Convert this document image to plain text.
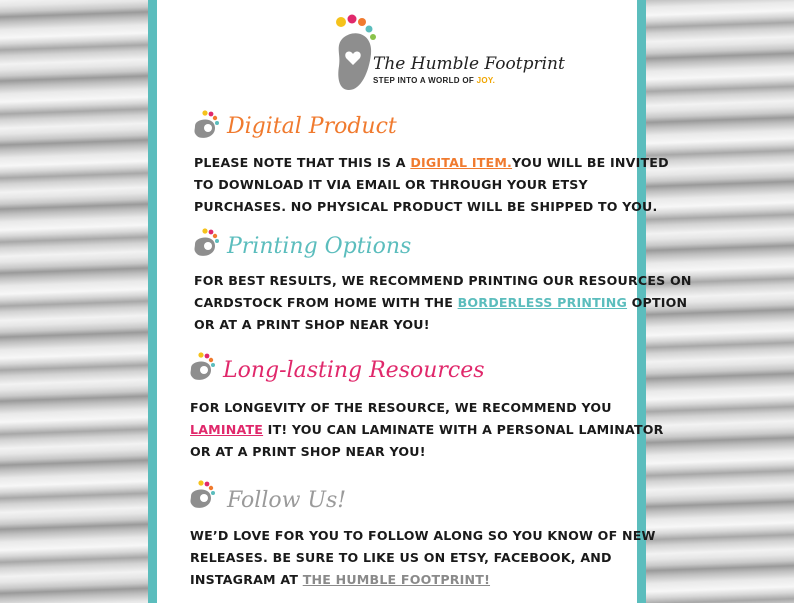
The Humble Footprint
STEP INTO A WORLD OF JOY.
Digital Product
PLEASE NOTE THAT THIS IS A DIGITAL ITEM.YOU WILL BE INVITED
TO DOWNLOAD IT VIA EMAIL OR THROUGH YOUR ETSY
PURCHASES. NO PHYSICAL PRODUCT WILL BE SHIPPED TO YOU.
Printing Options
FOR BEST RESULTS, WE RECOMMEND PRINTING OUR RESOURCES ON
CARDSTOCK FROM HOME WITH THE BORDERLESS PRINTING OPTION
OR AT A PRINT SHOP NEAR YOU!
Long-lasting Resources
FOR LONGEVITY OF THE RESOURCE, WE RECOMMEND YOU
LAMINATE IT! YOU CAN LAMINATE WITH A PERSONAL LAMINATOR
OR AT A PRINT SHOP NEAR YOU!
Follow Us!
WE’D LOVE FOR YOU TO FOLLOW ALONG SO YOU KNOW OF NEW
RELEASES. BE SURE TO LIKE US ON ETSY, FACEBOOK, AND
INSTAGRAM AT THE HUMBLE FOOTPRINT!
